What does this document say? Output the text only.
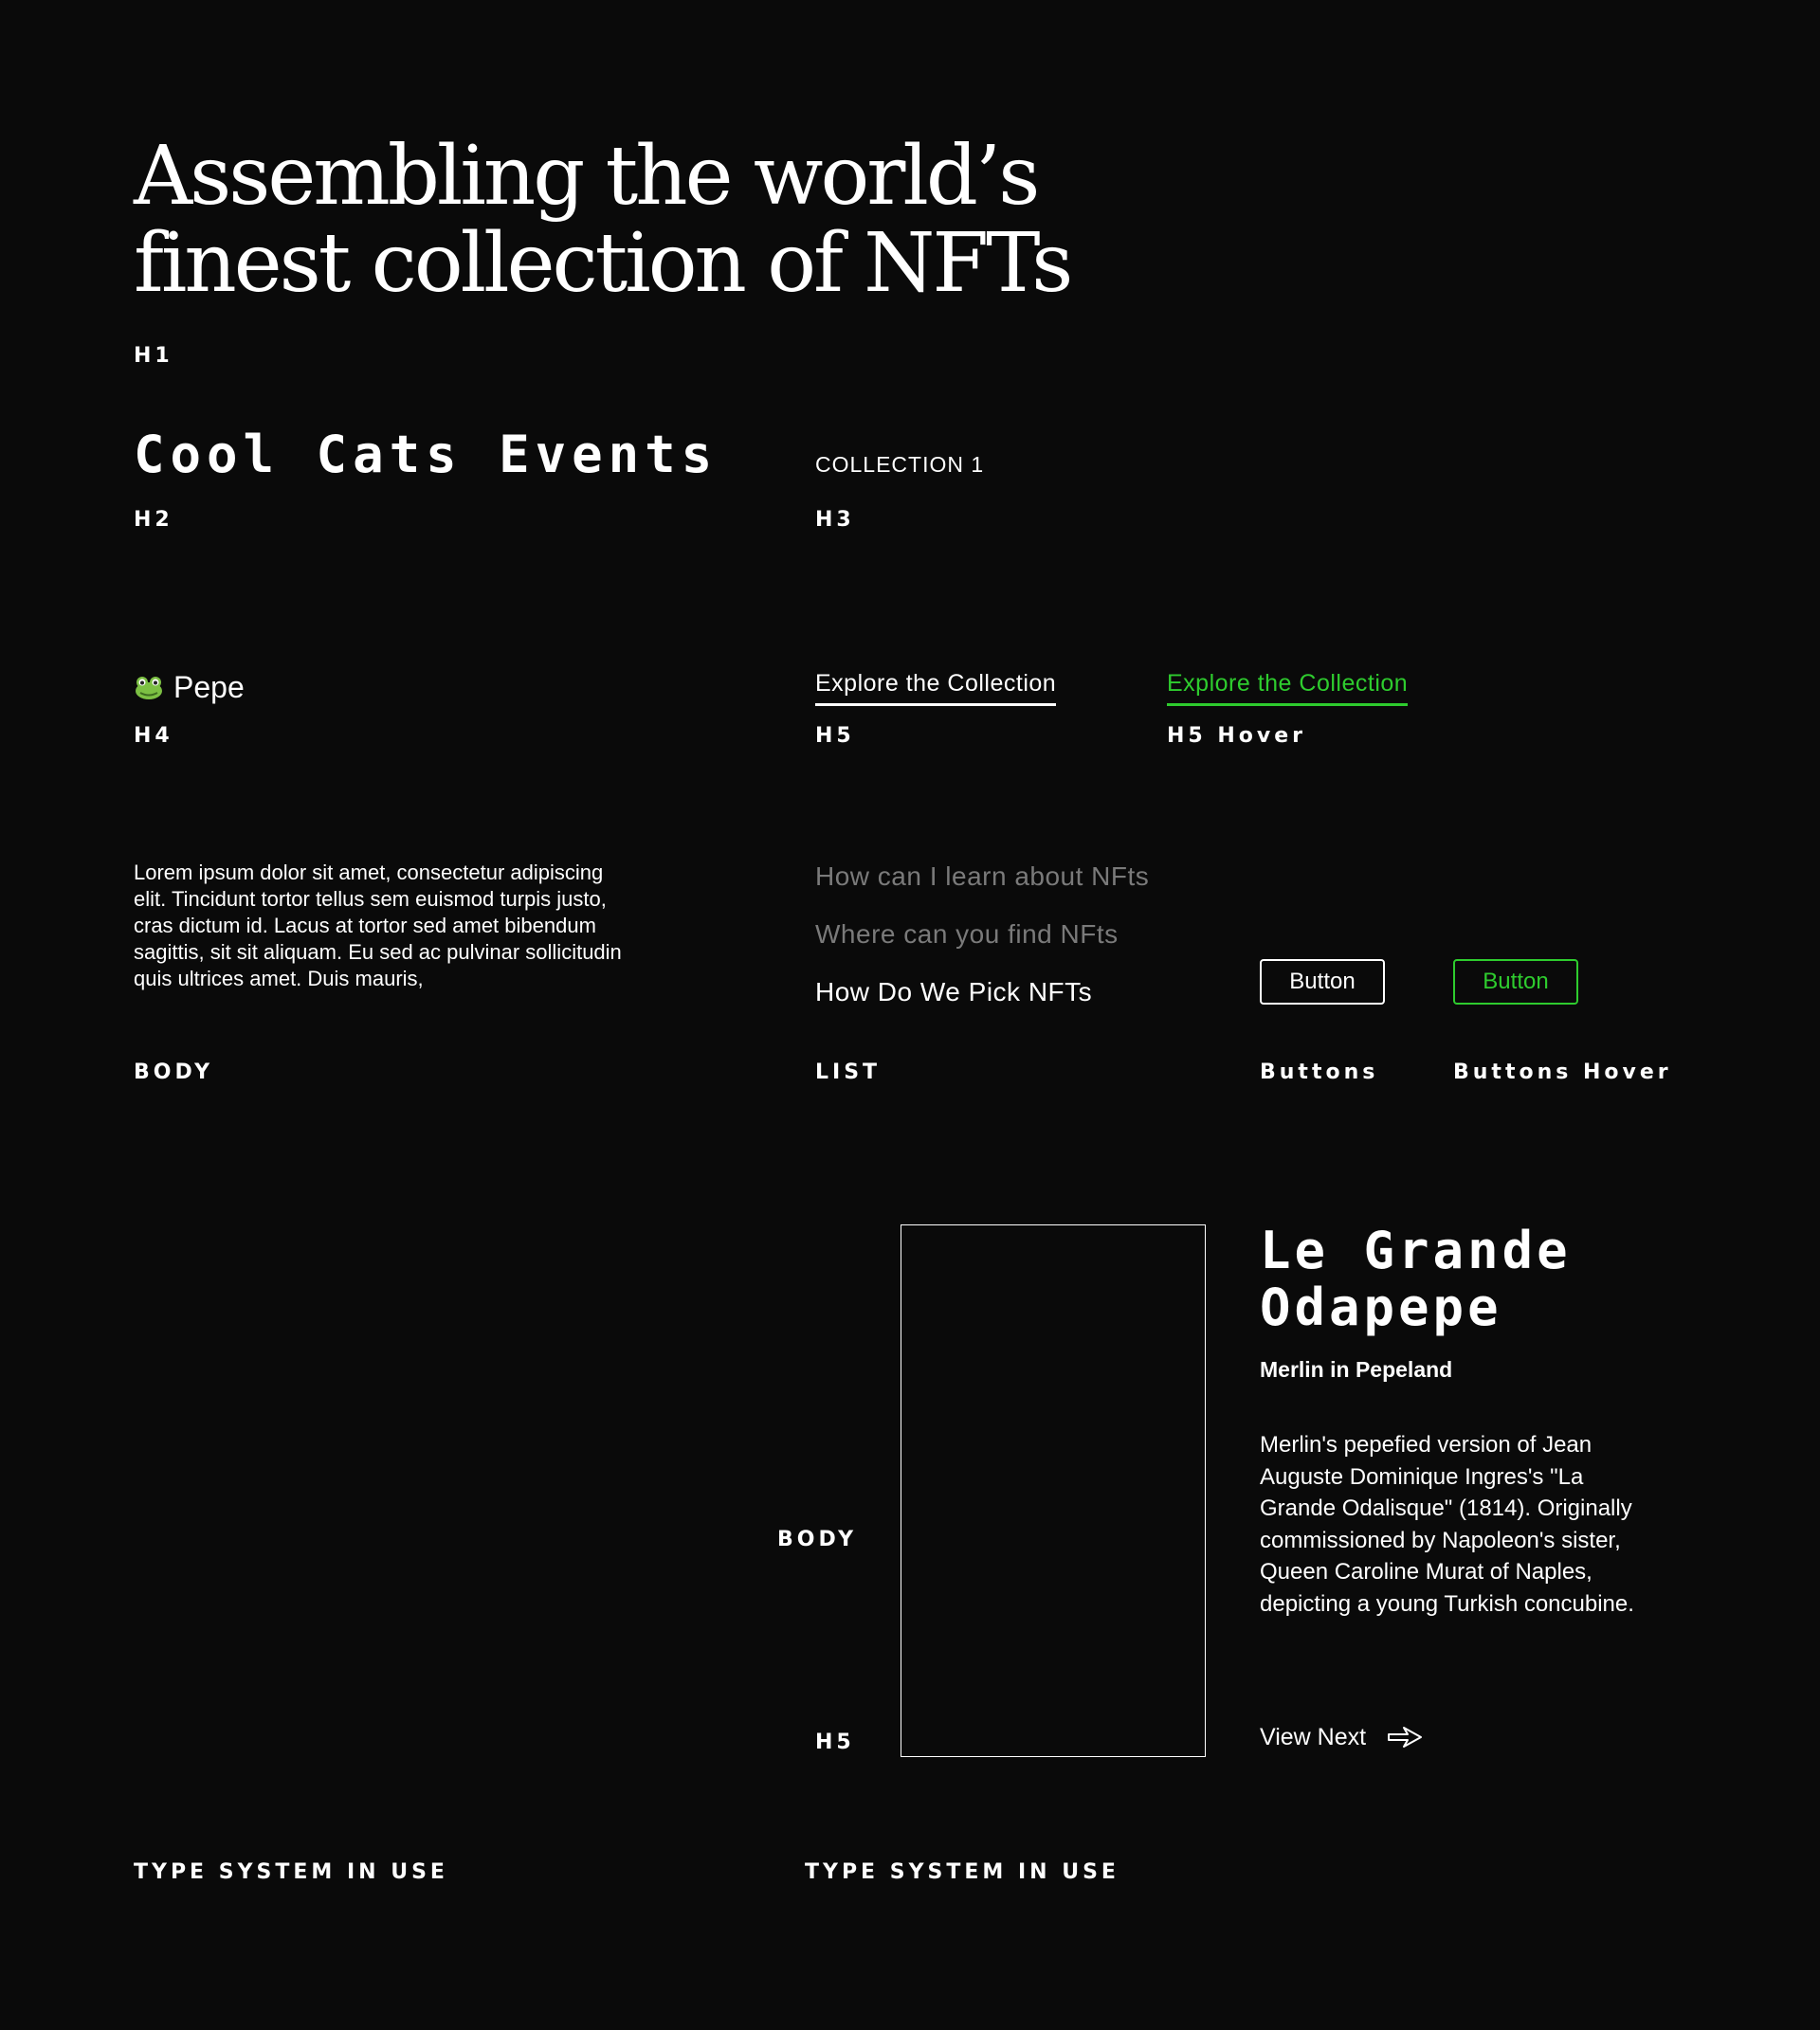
Assembling the world’s
finest collection of NFTs
H1
Cool Cats Events
H2
COLLECTION 1
H3
Pepe
H4
Explore the Collection
H5
Explore the Collection
H5 Hover
Lorem ipsum dolor sit amet, consectetur adipiscing elit. Tincidunt tortor tellus sem euismod turpis justo, cras dictum id. Lacus at tortor sed amet bibendum sagittis, sit sit aliquam. Eu sed ac pulvinar sollicitudin quis ultrices amet. Duis mauris,
BODY
How can I learn about NFts
Where can you find NFts
How Do We Pick NFTs
LIST
Button
Buttons
Button
Buttons Hover
BODY
H5
Le Grande
Odapepe
Merlin in Pepeland
Merlin's pepefied version of Jean Auguste Dominique Ingres's "La Grande Odalisque" (1814). Originally commissioned by Napoleon's sister, Queen Caroline Murat of Naples, depicting a young Turkish concubine.
View Next
TYPE SYSTEM IN USE	TYPE SYSTEM IN USE
